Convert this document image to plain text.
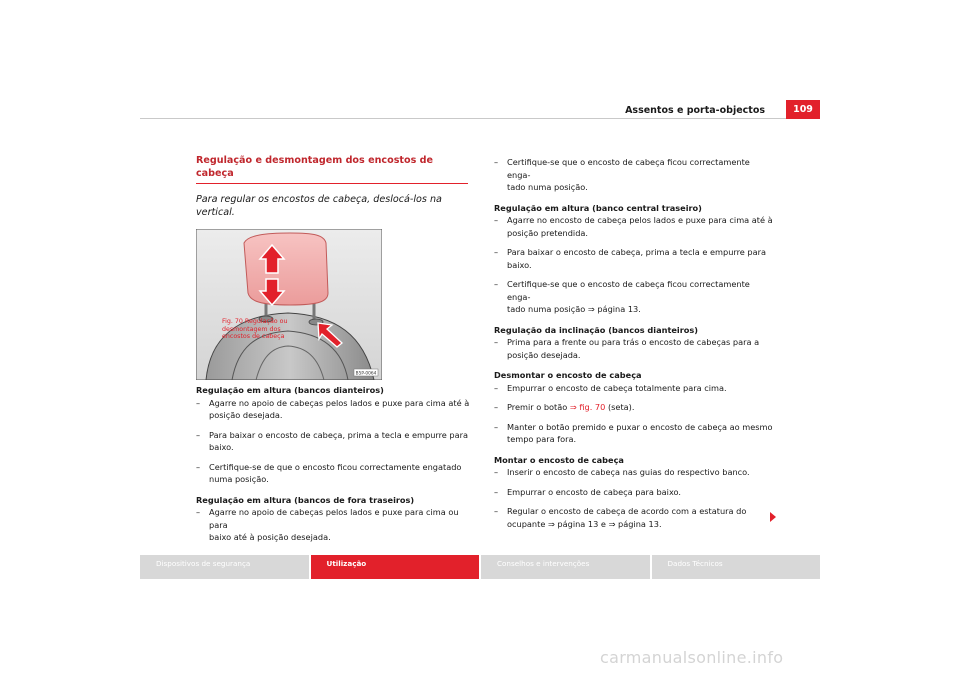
Assentos e porta-objectos	109
Regulação e desmontagem dos encostos de cabeça

Para regular os encostos de cabeça, deslocá-los na vertical.

B5P-0064

Regulação em altura (bancos dianteiros)

– Agarre no apoio de cabeças pelos lados e puxe para cima até à
posição desejada.

– Para baixar o encosto de cabeça, prima a tecla e empurre para
baixo.

– Certifique-se de que o encosto ficou correctamente engatado
numa posição.

Regulação em altura (bancos de fora traseiros)

– Agarre no apoio de cabeças pelos lados e puxe para cima ou para
baixo até à posição desejada.

Fig. 70 Regulação ou
desmontagem dos
encostos de cabeça

– Certifique-se que o encosto de cabeça ficou correctamente enga-
tado numa posição.

Regulação em altura (banco central traseiro)

– Agarre no encosto de cabeça pelos lados e puxe para cima até à
posição pretendida.

– Para baixar o encosto de cabeça, prima a tecla e empurre para
baixo.

– Certifique-se que o encosto de cabeça ficou correctamente enga-
tado numa posição ⇒ página 13.

Regulação da inclinação (bancos dianteiros)

– Prima para a frente ou para trás o encosto de cabeças para a
posição desejada.

Desmontar o encosto de cabeça

– Empurrar o encosto de cabeça totalmente para cima.

– Premir o botão ⇒ fig. 70 (seta).

– Manter o botão premido e puxar o encosto de cabeça ao mesmo
tempo para fora.

Montar o encosto de cabeça

– Inserir o encosto de cabeça nas guias do respectivo banco.

– Empurrar o encosto de cabeça para baixo.

– Regular o encosto de cabeça de acordo com a estatura do
ocupante ⇒ página 13 e ⇒ página 13.

Dispositivos de segurança	Utilização	Conselhos e intervenções	Dados Técnicos
carmanualsonline.info
